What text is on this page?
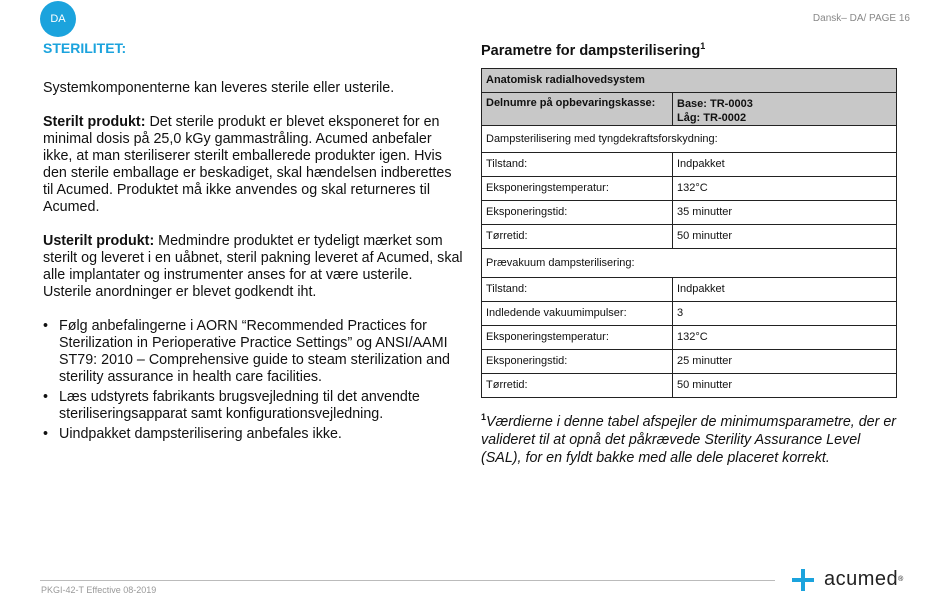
DA	Dansk– DA/ PAGE 16
STERILITET:

Systemkomponenterne kan leveres sterile eller usterile.

Sterilt produkt: Det sterile produkt er blevet eksponeret for en minimal dosis på 25,0 kGy gammastråling. Acumed anbefaler ikke, at man steriliserer sterilt emballerede produkter igen. Hvis den sterile emballage er beskadiget, skal hændelsen indberettes til Acumed. Produktet må ikke anvendes og skal returneres til Acumed.

Usterilt produkt: Medmindre produktet er tydeligt mærket som sterilt og leveret i en uåbnet, steril pakning leveret af Acumed, skal alle implantater og instrumenter anses for at være usterile. Usterile anordninger er blevet godkendt iht.

• Følg anbefalingerne i AORN “Recommended Practices for Sterilization in Perioperative Practice Settings” og ANSI/AAMI ST79: 2010 – Comprehensive guide to steam sterilization and sterility assurance in health care facilities.
• Læs udstyrets fabrikants brugsvejledning til det anvendte steriliseringsapparat samt konfigurationsvejledning.
• Uindpakket dampsterilisering anbefales ikke.
Parametre for dampsterilisering$^1$
Anatomisk radialhovedsystem	
Delnumre på opbevaringskasse:	Base: TR-0003
Låg: TR-0002

Dampsterilisering med tyngdekraftsforskydning:	
Tilstand:	Indpakket
Eksponeringstemperatur:	132°C
Eksponeringstid:	35 minutter
Tørretid:	50 minutter
Prævakuum dampsterilisering:	
Tilstand:	Indpakket
Indledende vakuumimpulser:	3
Eksponeringstemperatur:	132°C
Eksponeringstid:	25 minutter
Tørretid:	50 minutter
$^1$Værdierne i denne tabel afspejler de minimumsparametre, der er valideret til at opnå det påkrævede Sterility Assurance Level (SAL), for en fyldt bakke med alle dele placeret korrekt.
PKGI-42-T Effective 08-2019	acumed ®
